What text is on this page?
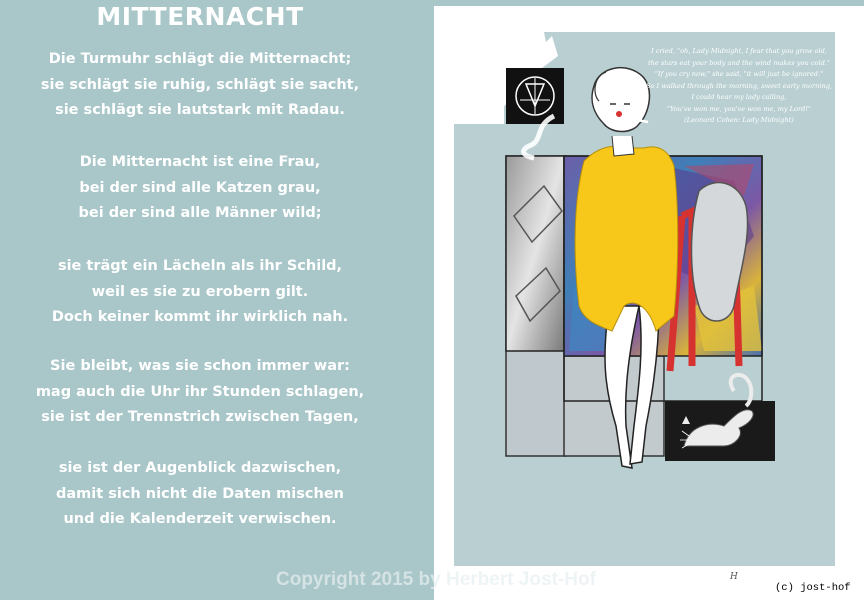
MITTERNACHT
Die Turmuhr schlägt die Mitternacht;
sie schlägt sie ruhig, schlägt sie sacht,
sie schlägt sie lautstark mit Radau.
Die Mitternacht ist eine Frau,
bei der sind alle Katzen grau,
bei der sind alle Männer wild;
sie trägt ein Lächeln als ihr Schild,
weil es sie zu erobern gilt.
Doch keiner kommt ihr wirklich nah.
Sie bleibt, was sie schon immer war:
mag auch die Uhr ihr Stunden schlagen,
sie ist der Trennstrich zwischen Tagen,
sie ist der Augenblick dazwischen,
damit sich nicht die Daten mischen
und die Kalenderzeit verwischen.
I cried, "oh, Lady Midnight, I fear that you grow old,
the stars eat your body and the wind makes you cold."
"If you cry now," she said, "it will just be ignored."
So I walked through the morning, sweet early morning,
I could hear my lady calling,
"You've won me, you've won me, my Lord!"
(Leonard Cohen: Lady Midnight)
H
Copyright 2015 by Herbert Jost-Hof	(c) jost-hof
